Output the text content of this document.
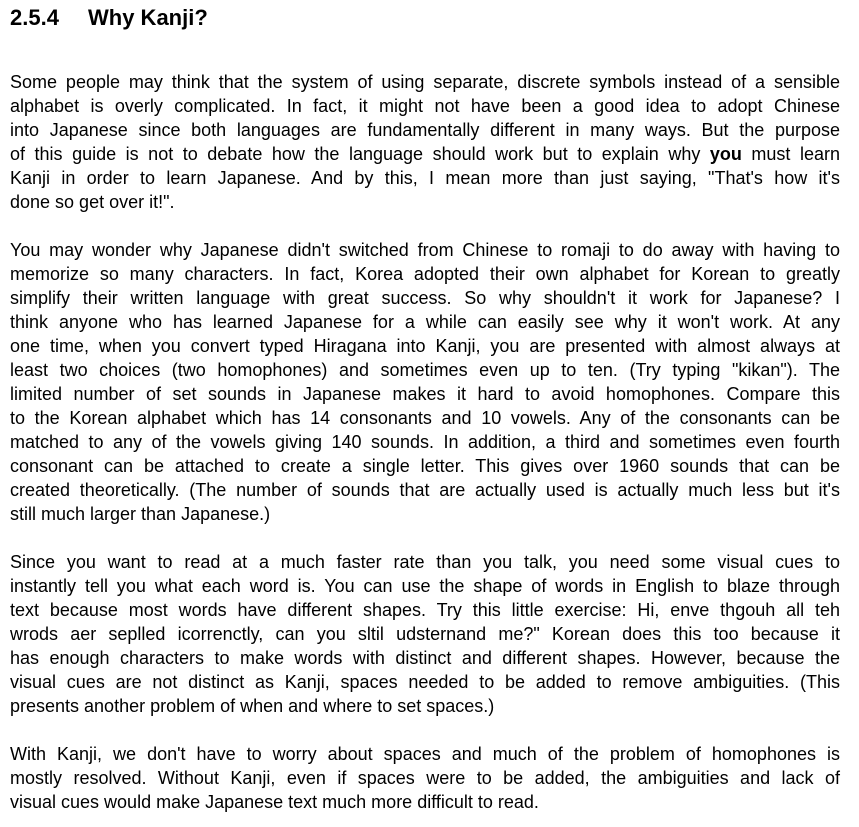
2.5.4 Why Kanji?
Some people may think that the system of using separate, discrete symbols instead of a sensible
alphabet is overly complicated. In fact, it might not have been a good idea to adopt Chinese
into Japanese since both languages are fundamentally different in many ways. But the purpose
of this guide is not to debate how the language should work but to explain why you must learn
Kanji in order to learn Japanese. And by this, I mean more than just saying, "That's how it's
done so get over it!".
You may wonder why Japanese didn't switched from Chinese to romaji to do away with having to
memorize so many characters. In fact, Korea adopted their own alphabet for Korean to greatly
simplify their written language with great success. So why shouldn't it work for Japanese? I
think anyone who has learned Japanese for a while can easily see why it won't work. At any
one time, when you convert typed Hiragana into Kanji, you are presented with almost always at
least two choices (two homophones) and sometimes even up to ten. (Try typing "kikan"). The
limited number of set sounds in Japanese makes it hard to avoid homophones. Compare this
to the Korean alphabet which has 14 consonants and 10 vowels. Any of the consonants can be
matched to any of the vowels giving 140 sounds. In addition, a third and sometimes even fourth
consonant can be attached to create a single letter. This gives over 1960 sounds that can be
created theoretically. (The number of sounds that are actually used is actually much less but it's
still much larger than Japanese.)
Since you want to read at a much faster rate than you talk, you need some visual cues to
instantly tell you what each word is. You can use the shape of words in English to blaze through
text because most words have different shapes. Try this little exercise: Hi, enve thgouh all teh
wrods aer seplled icorrenctly, can you sltil udsternand me?" Korean does this too because it
has enough characters to make words with distinct and different shapes. However, because the
visual cues are not distinct as Kanji, spaces needed to be added to remove ambiguities. (This
presents another problem of when and where to set spaces.)
With Kanji, we don't have to worry about spaces and much of the problem of homophones is
mostly resolved. Without Kanji, even if spaces were to be added, the ambiguities and lack of
visual cues would make Japanese text much more difficult to read.
